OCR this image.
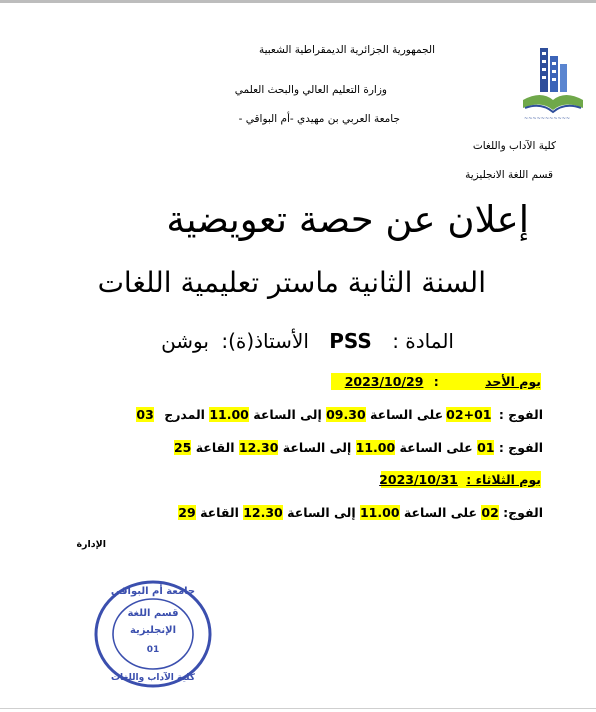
الجمهورية الجزائرية الديمقراطية الشعبية
وزارة التعليم العالي والبحث العلمي
جامعة العربي بن مهيدي -أم البواقي -
كلية الآداب واللغات
قسم اللغة الانجليزية
~~~~~~~~~~~
إعلان عن حصة تعويضية
السنة الثانية ماستر تعليمية اللغات
المادة : PSS الأستاذ(ة): بوشن
يوم الأحد : 2023/10/29
الفوج : 01+02على الساعة 09.30 إلى الساعة 11.00 المدرج 03
الفوج : 01 على الساعة 11.00 إلى الساعة 12.30 القاعة 25
يوم الثلاثاء : 2023/10/31
الفوج: 02 على الساعة 11.00 إلى الساعة 12.30 القاعة 29
الإدارة
جامعة أم البواقي
قسم اللغة
الإنجليزية
01
كلية الآداب واللغات
